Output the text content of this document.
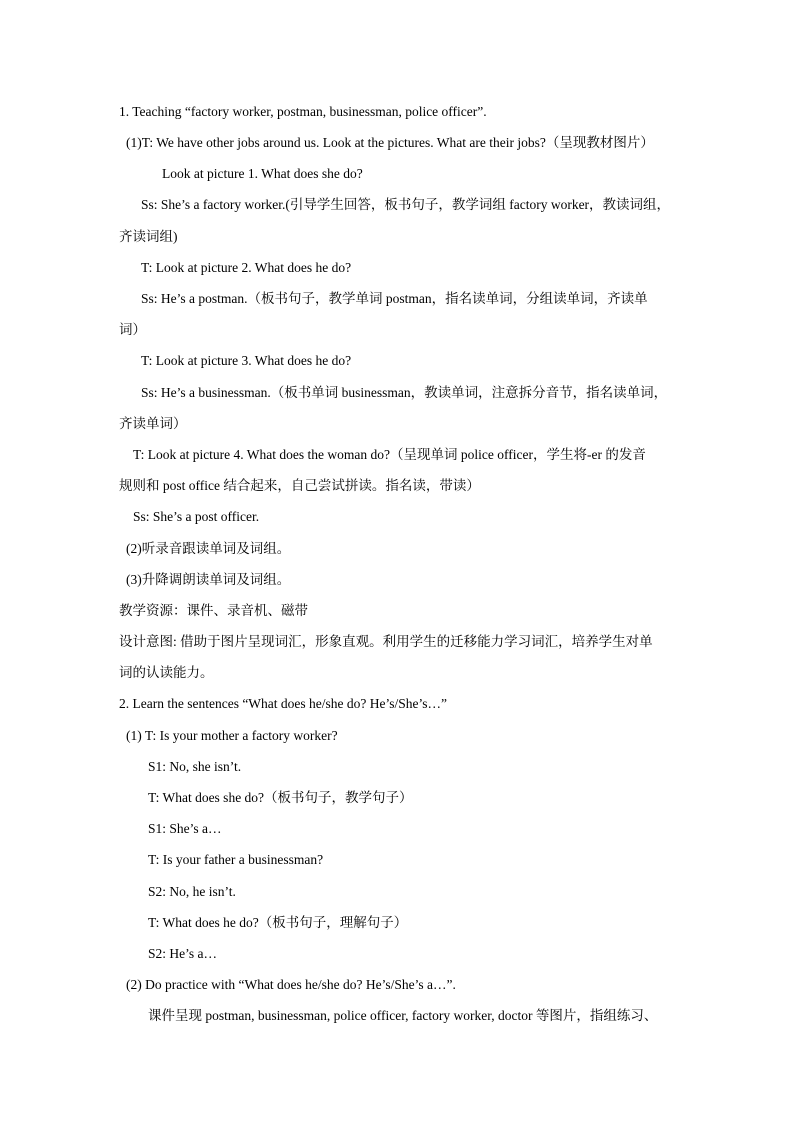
1. Teaching “factory worker, postman, businessman, police officer”.
(1)T: We have other jobs around us. Look at the pictures. What are their jobs?（呈现教材图片）
Look at picture 1. What does she do?
Ss: She’s a factory worker.(引导学生回答，板书句子，教学词组 factory worker，教读词组，
齐读词组)
T: Look at picture 2. What does he do?
Ss: He’s a postman.（板书句子，教学单词 postman，指名读单词，分组读单词，齐读单
词）
T: Look at picture 3. What does he do?
Ss: He’s a businessman.（板书单词 businessman，教读单词，注意拆分音节，指名读单词，
齐读单词）
T: Look at picture 4. What does the woman do?（呈现单词 police officer，学生将-er 的发音
规则和 post office 结合起来，自己尝试拼读。指名读，带读）
Ss: She’s a post officer.
(2)听录音跟读单词及词组。
(3)升降调朗读单词及词组。
教学资源：课件、录音机、磁带
设计意图: 借助于图片呈现词汇，形象直观。利用学生的迁移能力学习词汇，培养学生对单
词的认读能力。
2. Learn the sentences “What does he/she do? He’s/She’s…”
(1) T: Is your mother a factory worker?
S1: No, she isn’t.
T: What does she do?（板书句子，教学句子）
S1: She’s a…
T: Is your father a businessman?
S2: No, he isn’t.
T: What does he do?（板书句子，理解句子）
S2: He’s a…
(2) Do practice with “What does he/she do? He’s/She’s a…”.
课件呈现 postman, businessman, police officer, factory worker, doctor 等图片，指组练习、
